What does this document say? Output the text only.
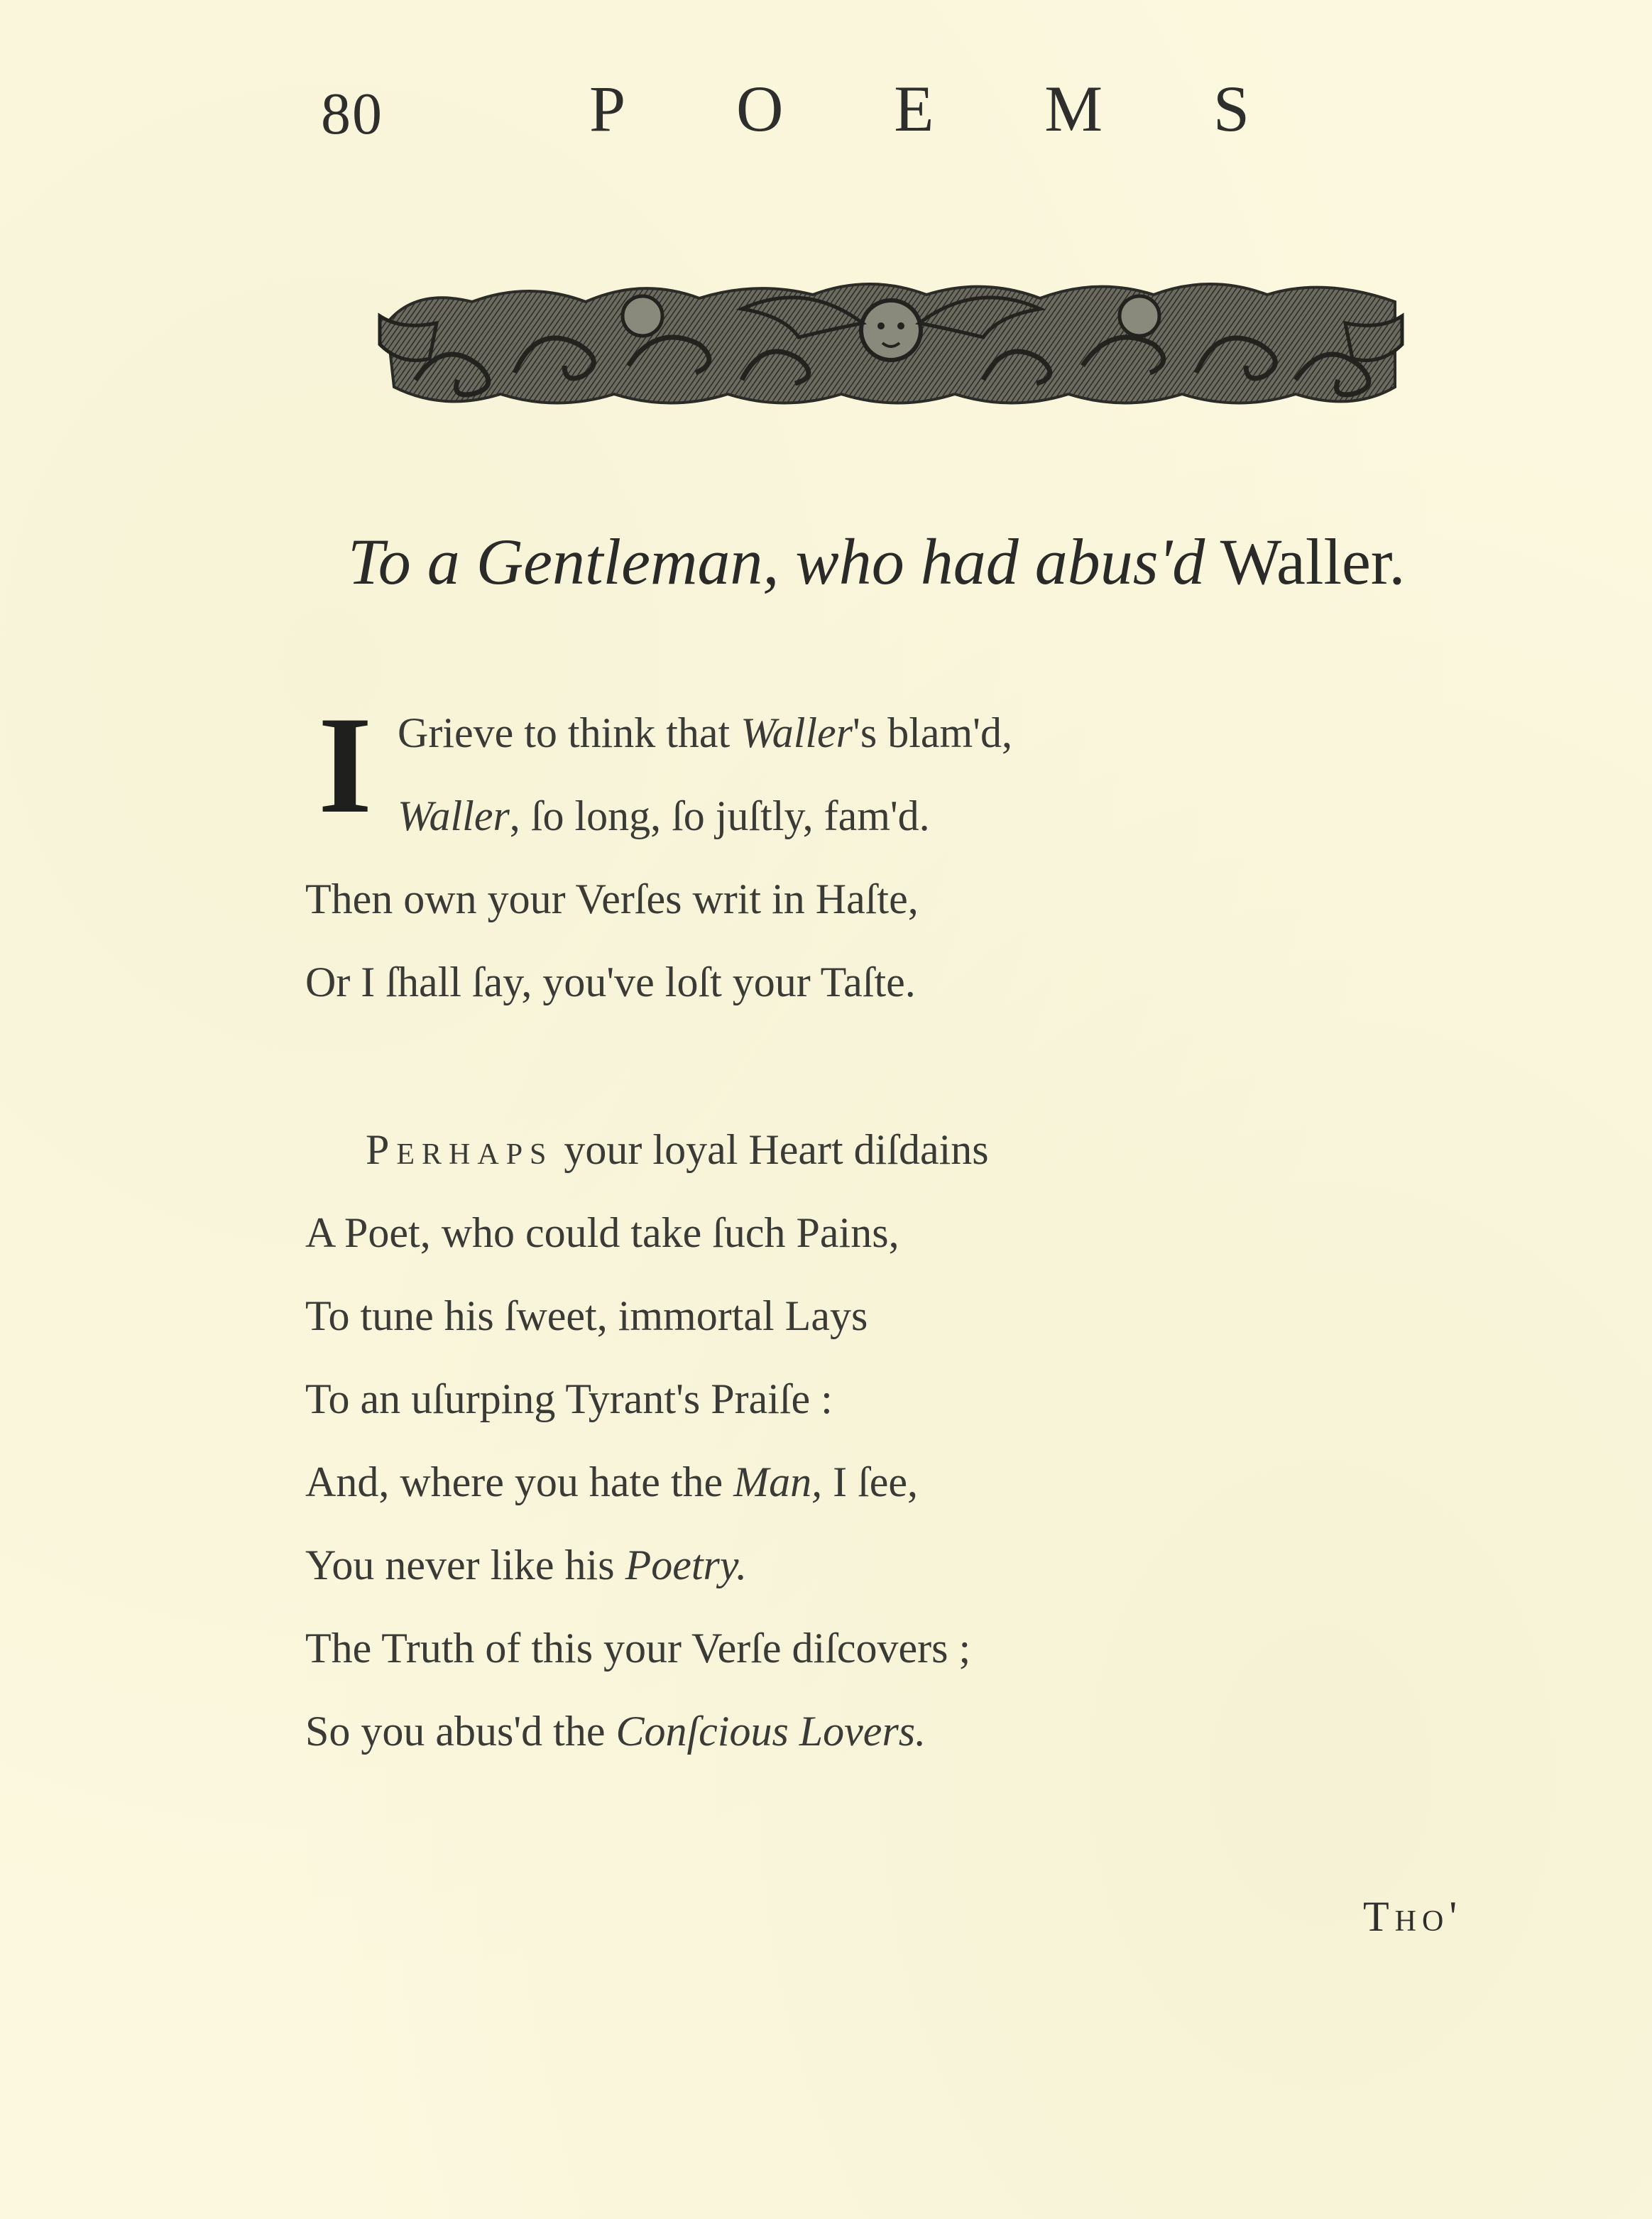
80	P O E M S
To a Gentleman, who had abus'd Waller.
I Grieve to think that Waller's blam'd,
Waller, ſo long, ſo juſtly, fam'd.
Then own your Verſes writ in Haſte,
Or I ſhall ſay, you've loſt your Taſte.
Perhaps your loyal Heart diſdains
A Poet, who could take ſuch Pains,
To tune his ſweet, immortal Lays
To an uſurping Tyrant's Praiſe :
And, where you hate the Man, I ſee,
You never like his Poetry.
The Truth of this your Verſe diſcovers ;
So you abus'd the Conſcious Lovers.
Tho'
